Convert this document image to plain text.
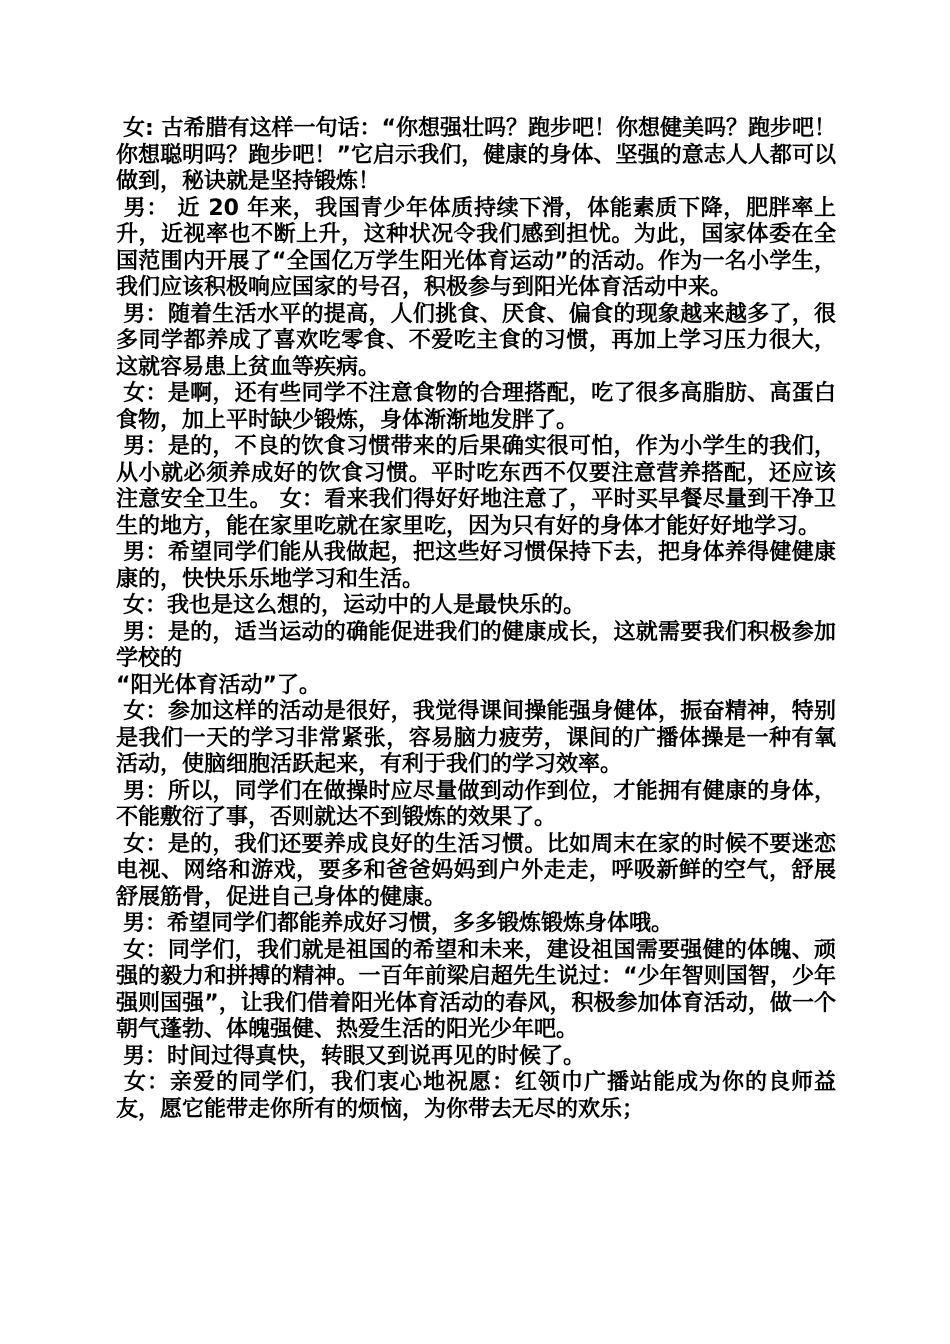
女: 古希腊有这样一句话：“你想强壮吗？跑步吧！你想健美吗？跑步吧！你想聪明吗？跑步吧！”它启示我们，健康的身体、坚强的意志人人都可以做到，秘诀就是坚持锻炼！

男： 近 20 年来，我国青少年体质持续下滑，体能素质下降，肥胖率上升，近视率也不断上升，这种状况令我们感到担忧。为此，国家体委在全国范围内开展了“全国亿万学生阳光体育运动”的活动。作为一名小学生，我们应该积极响应国家的号召，积极参与到阳光体育活动中来。

男：随着生活水平的提高，人们挑食、厌食、偏食的现象越来越多了，很多同学都养成了喜欢吃零食、不爱吃主食的习惯，再加上学习压力很大，这就容易患上贫血等疾病。

女：是啊，还有些同学不注意食物的合理搭配，吃了很多高脂肪、高蛋白食物，加上平时缺少锻炼，身体渐渐地发胖了。

男：是的，不良的饮食习惯带来的后果确实很可怕，作为小学生的我们，从小就必须养成好的饮食习惯。平时吃东西不仅要注意营养搭配，还应该注意安全卫生。 女：看来我们得好好地注意了，平时买早餐尽量到干净卫生的地方，能在家里吃就在家里吃，因为只有好的身体才能好好地学习。

男：希望同学们能从我做起，把这些好习惯保持下去，把身体养得健健康康的，快快乐乐地学习和生活。

女：我也是这么想的，运动中的人是最快乐的。

男：是的，适当运动的确能促进我们的健康成长，这就需要我们积极参加学校的

“阳光体育活动”了。

女：参加这样的活动是很好，我觉得课间操能强身健体，振奋精神，特别是我们一天的学习非常紧张，容易脑力疲劳，课间的广播体操是一种有氧活动，使脑细胞活跃起来，有利于我们的学习效率。

男：所以，同学们在做操时应尽量做到动作到位，才能拥有健康的身体，不能敷衍了事，否则就达不到锻炼的效果了。

女：是的，我们还要养成良好的生活习惯。比如周末在家的时候不要迷恋电视、网络和游戏，要多和爸爸妈妈到户外走走，呼吸新鲜的空气，舒展舒展筋骨，促进自己身体的健康。

男：希望同学们都能养成好习惯，多多锻炼锻炼身体哦。

女：同学们，我们就是祖国的希望和未来，建设祖国需要强健的体魄、顽强的毅力和拼搏的精神。一百年前梁启超先生说过：“少年智则国智，少年强则国强”，让我们借着阳光体育活动的春风，积极参加体育活动，做一个朝气蓬勃、体魄强健、热爱生活的阳光少年吧。

男：时间过得真快，转眼又到说再见的时候了。

女：亲爱的同学们，我们衷心地祝愿：红领巾广播站能成为你的良师益友，愿它能带走你所有的烦恼，为你带去无尽的欢乐；
